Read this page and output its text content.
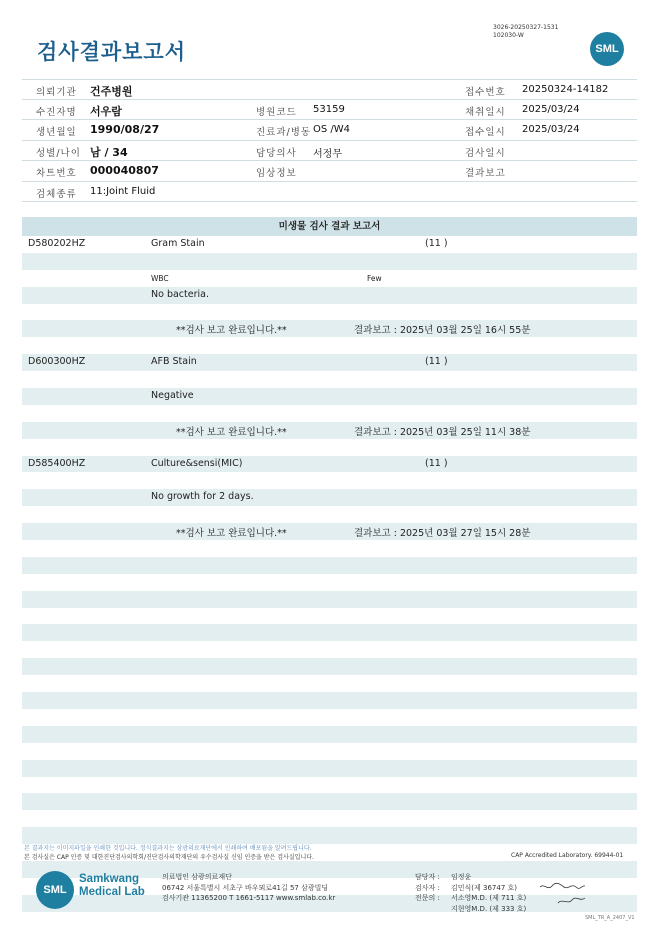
3026-20250327-1531
102030-W
검사결과보고서	SML
의뢰기관 건주병원	접수번호 20250324-14182
수진자명 서우람	병원코드 53159	채취일시 2025/03/24
생년월일 1990/08/27	진료과/병동 OS /W4	접수일시 2025/03/24
성별/나이 남 / 34	담당의사 서정무	검사일시
차트번호 000040807	임상정보	결과보고
검체종류 11:Joint Fluid
미생물 검사 결과 보고서
D580202HZ	Gram Stain	(11 )
WBC	Few
No bacteria.
**검사 보고 완료입니다.**	결과보고 : 2025년 03월 25일 16시 55분
D600300HZ	AFB Stain	(11 )
Negative
**검사 보고 완료입니다.**	결과보고 : 2025년 03월 25일 11시 38분
D585400HZ	Culture&sensi(MIC)	(11 )
No growth for 2 days.
**검사 보고 완료입니다.**	결과보고 : 2025년 03월 27일 15시 28분
본 결과지는 이미지파일을 인쇄한 것입니다. 정식결과지는 삼광의료재단에서 인쇄하여 배포됨을 알려드립니다.
본 검사실은 CAP 인증 및 대한진단검사의학회/진단검사의학재단의 우수검사실 신임 인증을 받은 검사실입니다.	CAP Accredited Laboratory. 69944-01
SML
Samkwang
Medical Lab
의료법인 삼광의료재단
06742 서울특별시 서초구 바우뫼로41길 57 삼광빌딩
검사기관 11365200 T 1661-5117 www.smlab.co.kr
담당자 : 임정윤
검사자 : 김민식(제 36747 호)
전문의 : 서소영M.D. (제 711 호)
지현영M.D. (제 333 호)
SML_TR_A_2407_V1
